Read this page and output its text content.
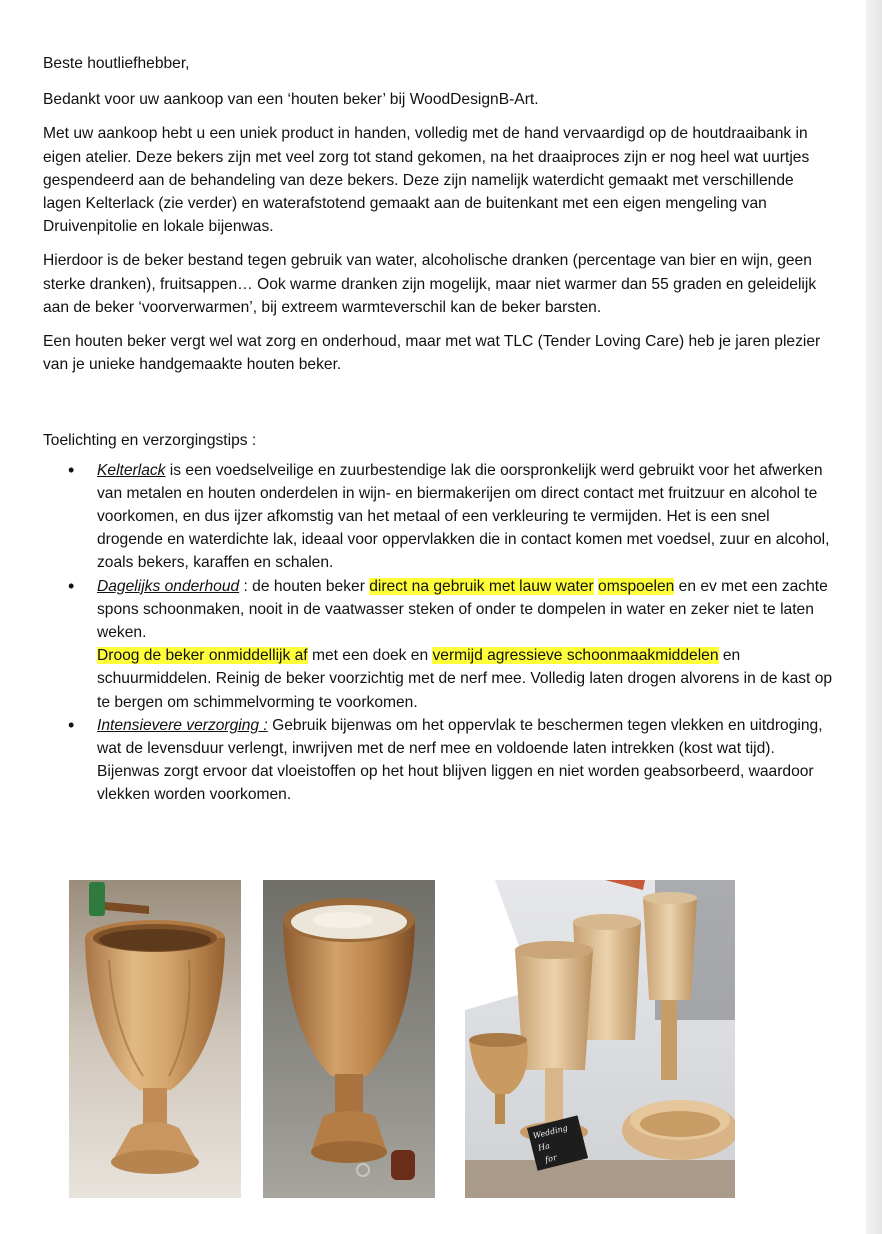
Beste houtliefhebber,

Bedankt voor uw aankoop van een ‘houten beker’ bij WoodDesignB-Art.

Met uw aankoop hebt u een uniek product in handen, volledig met de hand vervaardigd op de houtdraaibank in eigen atelier. Deze bekers zijn met veel zorg tot stand gekomen, na het draaiproces zijn er nog heel wat uurtjes gespendeerd aan de behandeling van deze bekers. Deze zijn namelijk waterdicht gemaakt met verschillende lagen Kelterlack (zie verder) en waterafstotend gemaakt aan de buitenkant met een eigen mengeling van Druivenpitolie en lokale bijenwas.

Hierdoor is de beker bestand tegen gebruik van water, alcoholische dranken (percentage van bier en wijn, geen sterke dranken), fruitsappen… Ook warme dranken zijn mogelijk, maar niet warmer dan 55 graden en geleidelijk aan de beker ‘voorverwarmen’, bij extreem warmteverschil kan de beker barsten.

Een houten beker vergt wel wat zorg en onderhoud, maar met wat TLC (Tender Loving Care) heb je jaren plezier van je unieke handgemaakte houten beker.

Toelichting en verzorgingstips :

• Kelterlack is een voedselveilige en zuurbestendige lak die oorspronkelijk werd gebruikt voor het afwerken van metalen en houten onderdelen in wijn- en biermakerijen om direct contact met fruitzuur en alcohol te voorkomen, en dus ijzer afkomstig van het metaal of een verkleuring te vermijden. Het is een snel drogende en waterdichte lak, ideaal voor oppervlakken die in contact komen met voedsel, zuur en alcohol, zoals bekers, karaffen en schalen.
• Dagelijks onderhoud : de houten beker direct na gebruik met lauw water omspoelen en ev met een zachte spons schoonmaken, nooit in de vaatwasser steken of onder te dompelen in water en zeker niet te laten weken.
Droog de beker onmiddellijk af met een doek en vermijd agressieve schoonmaakmiddelen en schuurmiddelen. Reinig de beker voorzichtig met de nerf mee. Volledig laten drogen alvorens in de kast op te bergen om schimmelvorming te voorkomen.
• Intensievere verzorging : Gebruik bijenwas om het oppervlak te beschermen tegen vlekken en uitdroging, wat de levensduur verlengt, inwrijven met de nerf mee en voldoende laten intrekken (kost wat tijd). Bijenwas zorgt ervoor dat vloeistoffen op het hout blijven liggen en niet worden geabsorbeerd, waardoor vlekken worden voorkomen.
Wedding
Ha
for
